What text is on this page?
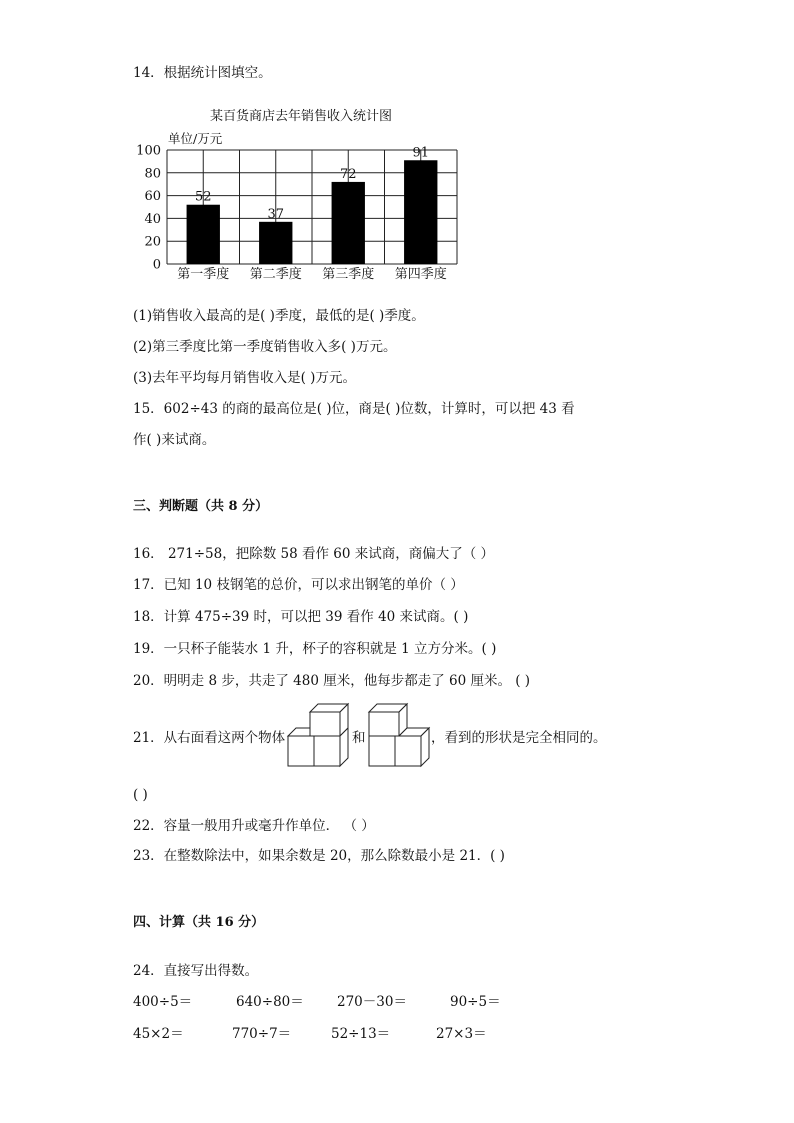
14．根据统计图填空。
某百货商店去年销售收入统计图
单位/万元
0
20
40
60
80
100
52
第一季度
37
第二季度
72
第三季度
91
第四季度
(1)销售收入最高的是( )季度，最低的是( )季度。
(2)第三季度比第一季度销售收入多( )万元。
(3)去年平均每月销售收入是( )万元。
15．602÷43 的商的最高位是( )位，商是( )位数，计算时，可以把 43 看
作( )来试商。
三、判断题（共 8 分）
16． 271÷58，把除数 58 看作 60 来试商，商偏大了（ ）
17．已知 10 枝钢笔的总价，可以求出钢笔的单价（ ）
18．计算 475÷39 时，可以把 39 看作 40 来试商。( )
19．一只杯子能装水 1 升，杯子的容积就是 1 立方分米。( )
20．明明走 8 步，共走了 480 厘米，他每步都走了 60 厘米。 ( )
21．从右面看这两个物体	和	，看到的形状是完全相同的。
( )
22．容量一般用升或毫升作单位． （ ）
23．在整数除法中，如果余数是 20，那么除数最小是 21．( )
四、计算（共 16 分）
24．直接写出得数。
400÷5＝	640÷80＝ 270－30＝	90÷5＝
45×2＝	770÷7＝	52÷13＝	27×3＝
